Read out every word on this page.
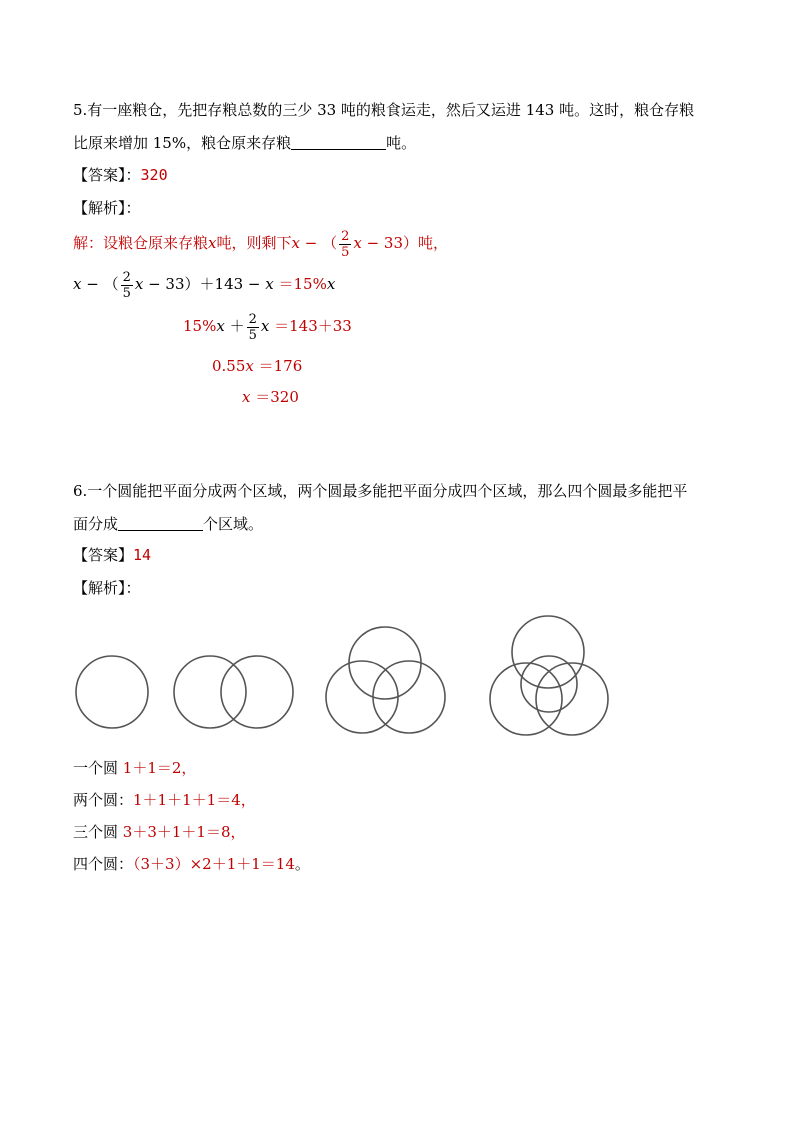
5.有一座粮仓，先把存粮总数的三少 33 吨的粮食运走，然后又运进 143 吨。这时，粮仓存粮
比原来增加 15%，粮仓原来存粮	吨。
【答案】：320
【解析】：
解：设粮仓原来存粮x吨，则剩下x − （ $\frac{2}{5}$ x − 33）吨，
x − （ $\frac{2}{5}$ x − 33）＋143 − x ＝15%x
$15\%x + \frac{2}{5}$ x ＝143＋33
0.55x ＝176
x ＝320
6.一个圆能把平面分成两个区域，两个圆最多能把平面分成四个区域，那么四个圆最多能把平
面分成	个区域。
【答案】14
【解析】：
一个圆 1＋1＝2，
两个圆：1＋1＋1＋1＝4，
三个圆 3＋3＋1＋1＝8，
四个圆：（3＋3）×2＋1＋1＝14。
